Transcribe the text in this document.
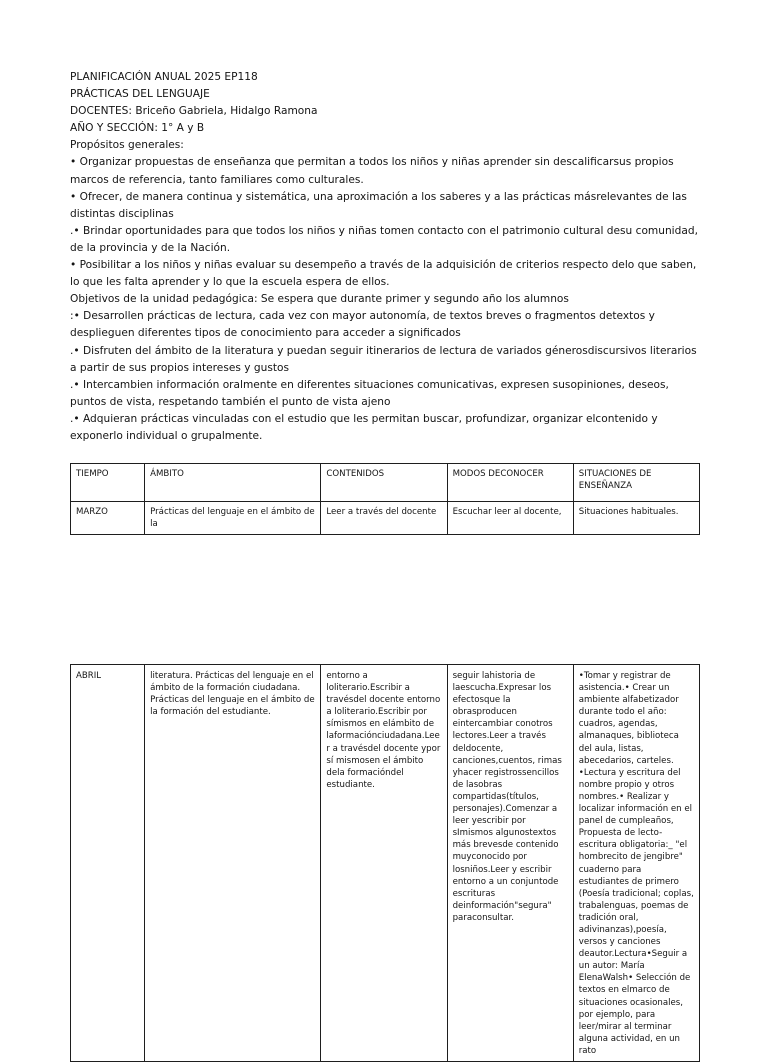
PLANIFICACIÓN ANUAL 2025 EP118

PRÁCTICAS DEL LENGUAJE

DOCENTES: Briceño Gabriela, Hidalgo Ramona

AÑO Y SECCIÓN: 1° A y B

Propósitos generales:

• Organizar propuestas de enseñanza que permitan a todos los niños y niñas aprender sin descalificarsus propios marcos de referencia, tanto familiares como culturales.

• Ofrecer, de manera continua y sistemática, una aproximación a los saberes y a las prácticas másrelevantes de las distintas disciplinas

.• Brindar oportunidades para que todos los niños y niñas tomen contacto con el patrimonio cultural desu comunidad, de la provincia y de la Nación.

• Posibilitar a los niños y niñas evaluar su desempeño a través de la adquisición de criterios respecto delo que saben, lo que les falta aprender y lo que la escuela espera de ellos.

Objetivos de la unidad pedagógica: Se espera que durante primer y segundo año los alumnos

:• Desarrollen prácticas de lectura, cada vez con mayor autonomía, de textos breves o fragmentos detextos y desplieguen diferentes tipos de conocimiento para acceder a significados

.• Disfruten del ámbito de la literatura y puedan seguir itinerarios de lectura de variados génerosdiscursivos literarios a partir de sus propios intereses y gustos

.• Intercambien información oralmente en diferentes situaciones comunicativas, expresen susopiniones, deseos, puntos de vista, respetando también el punto de vista ajeno

.• Adquieran prácticas vinculadas con el estudio que les permitan buscar, profundizar, organizar elcontenido y exponerlo individual o grupalmente.

TIEMPO	ÁMBITO	CONTENIDOS	MODOS DECONOCER	SITUACIONES DE ENSEÑANZA
MARZO	Prácticas del lenguaje en el ámbito de la	Leer a través del docente	Escuchar leer al docente,	Situaciones habituales.
ABRIL	literatura. Prácticas del lenguaje en el ámbito de la formación ciudadana. Prácticas del lenguaje en el ámbito de la formación del estudiante.	entorno a loliterario.Escribir a travésdel docente entorno a loliterario.Escribir por símismos en elámbito de laformaciónciudadana.Leer a travésdel docente ypor sí mismosen el ámbito dela formacióndel estudiante.	seguir lahistoria de laescucha.Expresar los efectosque la obrasproducen eintercambiar conotros lectores.Leer a través deldocente, canciones,cuentos, rimas yhacer registrossencillos de lasobras compartidas(títulos, personajes).Comenzar a leer yescribir por sImismos algunostextos más brevesde contenido muyconocido por losniños.Leer y escribir entorno a un conjuntode escrituras deinformación"segura" paraconsultar.	•Tomar y registrar de asistencia.• Crear un ambiente alfabetizador durante todo el año: cuadros, agendas, almanaques, biblioteca del aula, listas, abecedarios, carteles. •Lectura y escritura del nombre propio y otros nombres.• Realizar y localizar información en el panel de cumpleaños, Propuesta de lecto-escritura obligatoria:_ "el hombrecito de jengibre" cuaderno para estudiantes de primero (Poesía tradicional; coplas, trabalenguas, poemas de tradición oral, adivinanzas),poesía, versos y canciones deautor.Lectura•Seguir a un autor: María ElenaWalsh• Selección de textos en elmarco de situaciones ocasionales, por ejemplo, para leer/mirar al terminar alguna actividad, en un rato
